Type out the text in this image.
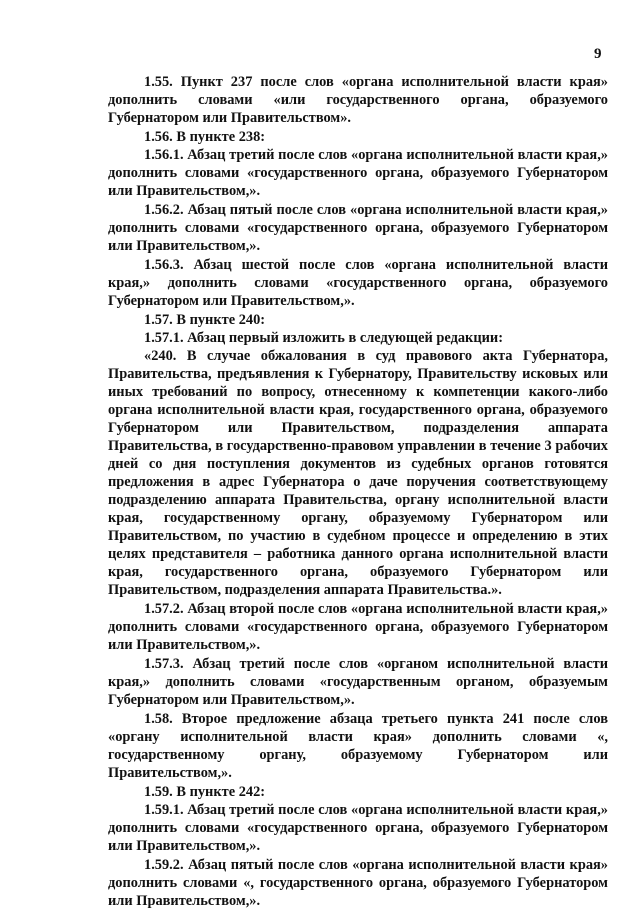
9

1.55. Пункт 237 после слов «органа исполнительной власти края» дополнить словами «или государственного органа, образуемого Губернатором или Правительством».

1.56. В пункте 238:

1.56.1. Абзац третий после слов «органа исполнительной власти края,» дополнить словами «государственного органа, образуемого Губернатором или Правительством,».

1.56.2. Абзац пятый после слов «органа исполнительной власти края,» дополнить словами «государственного органа, образуемого Губернатором или Правительством,».

1.56.3. Абзац шестой после слов «органа исполнительной власти края,» дополнить словами «государственного органа, образуемого Губернатором или Правительством,».

1.57. В пункте 240:

1.57.1. Абзац первый изложить в следующей редакции:

«240. В случае обжалования в суд правового акта Губернатора, Правительства, предъявления к Губернатору, Правительству исковых или иных требований по вопросу, отнесенному к компетенции какого-либо органа исполнительной власти края, государственного органа, образуемого Губернатором или Правительством, подразделения аппарата Правительства, в государственно-правовом управлении в течение 3 рабочих дней со дня поступления документов из судебных органов готовятся предложения в адрес Губернатора о даче поручения соответствующему подразделению аппарата Правительства, органу исполнительной власти края, государственному органу, образуемому Губернатором или Правительством, по участию в судебном процессе и определению в этих целях представителя – работника данного органа исполнительной власти края, государственного органа, образуемого Губернатором или Правительством, подразделения аппарата Правительства.».

1.57.2. Абзац второй после слов «органа исполнительной власти края,» дополнить словами «государственного органа, образуемого Губернатором или Правительством,».

1.57.3. Абзац третий после слов «органом исполнительной власти края,» дополнить словами «государственным органом, образуемым Губернатором или Правительством,».

1.58. Второе предложение абзаца третьего пункта 241 после слов «органу исполнительной власти края» дополнить словами «, государственному органу, образуемому Губернатором или Правительством,».

1.59. В пункте 242:

1.59.1. Абзац третий после слов «органа исполнительной власти края,» дополнить словами «государственного органа, образуемого Губернатором или Правительством,».

1.59.2. Абзац пятый после слов «органа исполнительной власти края» дополнить словами «, государственного органа, образуемого Губернатором или Правительством,».
